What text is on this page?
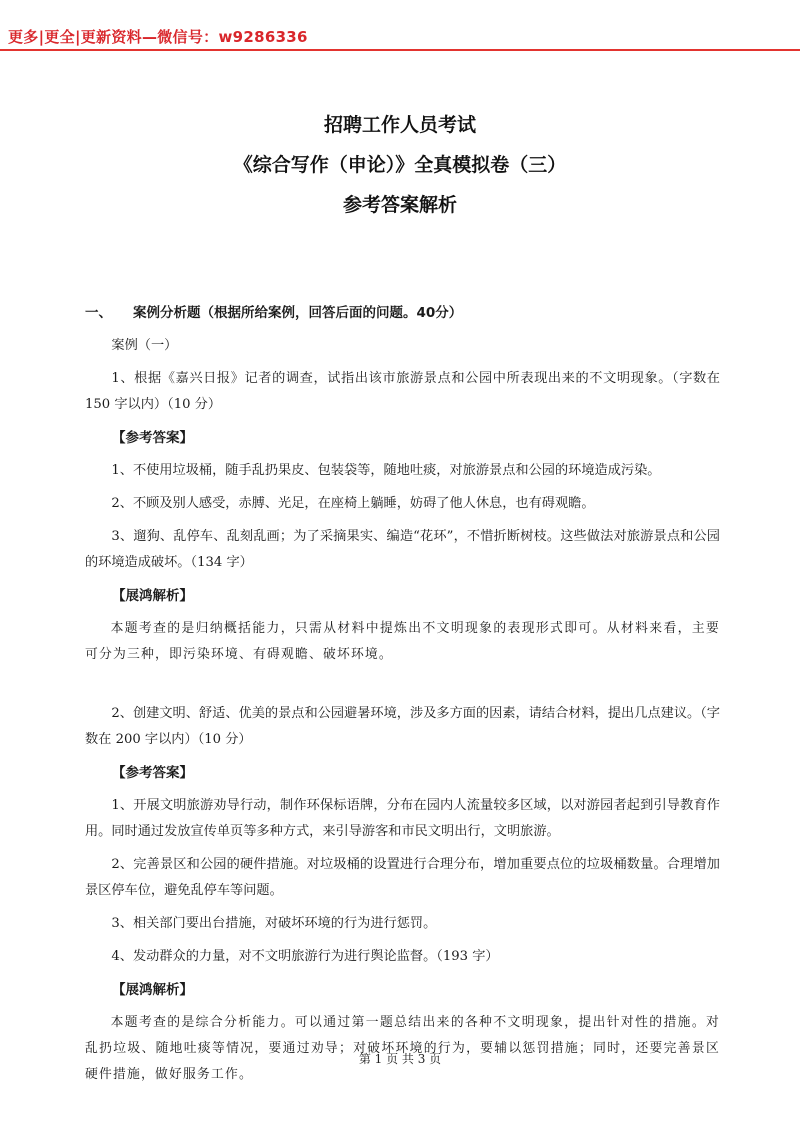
更多|更全|更新资料—微信号：w9286336
招聘工作人员考试
《综合写作（申论）》全真模拟卷（三）
参考答案解析
一、	案例分析题（根据所给案例，回答后面的问题。40分）
案例（一）
1、根据《嘉兴日报》记者的调查，试指出该市旅游景点和公园中所表现出来的不文明现象。（字数在 150 字以内）（10 分）
【参考答案】
1、不使用垃圾桶，随手乱扔果皮、包装袋等，随地吐痰，对旅游景点和公园的环境造成污染。
2、不顾及别人感受，赤膊、光足，在座椅上躺睡，妨碍了他人休息，也有碍观瞻。
3、遛狗、乱停车、乱刻乱画；为了采摘果实、编造“花环”，不惜折断树枝。这些做法对旅游景点和公园的环境造成破坏。（134 字）
【展鸿解析】
本题考查的是归纳概括能力，只需从材料中提炼出不文明现象的表现形式即可。从材料来看，主要可分为三种，即污染环境、有碍观瞻、破坏环境。
2、创建文明、舒适、优美的景点和公园避暑环境，涉及多方面的因素，请结合材料，提出几点建议。（字数在 200 字以内）（10 分）
【参考答案】
1、开展文明旅游劝导行动，制作环保标语牌，分布在园内人流量较多区域，以对游园者起到引导教育作用。同时通过发放宣传单页等多种方式，来引导游客和市民文明出行，文明旅游。
2、完善景区和公园的硬件措施。对垃圾桶的设置进行合理分布，增加重要点位的垃圾桶数量。合理增加景区停车位，避免乱停车等问题。
3、相关部门要出台措施，对破坏环境的行为进行惩罚。
4、发动群众的力量，对不文明旅游行为进行舆论监督。（193 字）
【展鸿解析】
本题考查的是综合分析能力。可以通过第一题总结出来的各种不文明现象，提出针对性的措施。对乱扔垃圾、随地吐痰等情况，要通过劝导；对破坏环境的行为，要辅以惩罚措施；同时，还要完善景区硬件措施，做好服务工作。
第 1 页 共 3 页
